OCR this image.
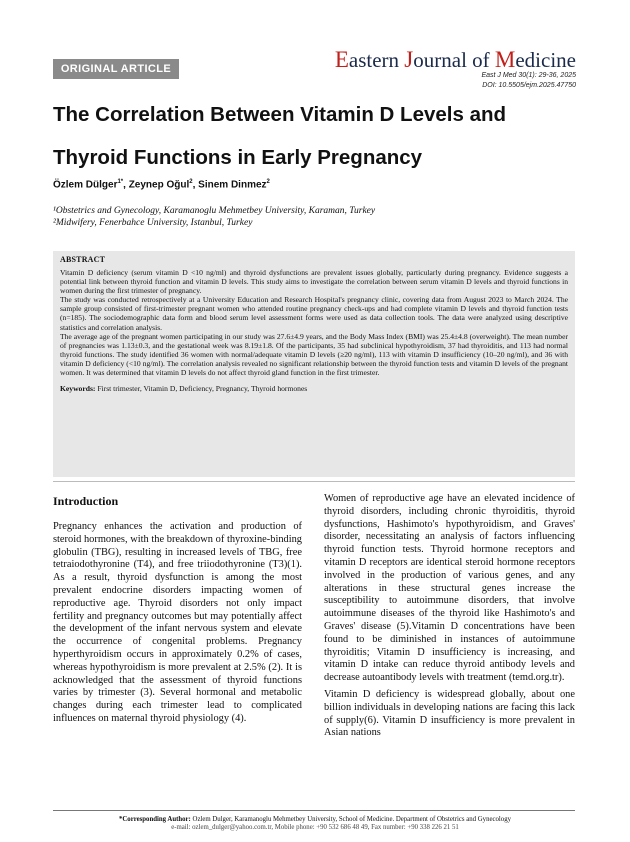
ORIGINAL ARTICLE	Eastern Journal of Medicine
East J Med 30(1): 29-36, 2025
DOI: 10.5505/ejm.2025.47750
The Correlation Between Vitamin D Levels and
Thyroid Functions in Early Pregnancy
Özlem Dülger$^{1*}$, Zeynep Oğul$^2$, Sinem Dinmez$^2$
¹Obstetrics and Gynecology, Karamanoglu Mehmetbey University, Karaman, Turkey
²Midwifery, Fenerbahce University, Istanbul, Turkey
ABSTRACT

Vitamin D deficiency (serum vitamin D <10 ng/ml) and thyroid dysfunctions are prevalent issues globally, particularly during pregnancy. Evidence suggests a potential link between thyroid function and vitamin D levels. This study aims to investigate the correlation between serum vitamin D levels and thyroid functions in women during the first trimester of pregnancy.

The study was conducted retrospectively at a University Education and Research Hospital's pregnancy clinic, covering data from August 2023 to March 2024. The sample group consisted of first-trimester pregnant women who attended routine pregnancy check-ups and had complete vitamin D levels and thyroid function tests (n=185). The sociodemographic data form and blood serum level assessment forms were used as data collection tools. The data were analyzed using descriptive statistics and correlation analysis.

The average age of the pregnant women participating in our study was 27.6±4.9 years, and the Body Mass Index (BMI) was 25.4±4.8 (overweight). The mean number of pregnancies was 1.13±0.3, and the gestational week was 8.19±1.8. Of the participants, 35 had subclinical hypothyroidism, 37 had thyroiditis, and 113 had normal thyroid functions. The study identified 36 women with normal/adequate vitamin D levels (≥20 ng/ml), 113 with vitamin D insufficiency (10–20 ng/ml), and 36 with vitamin D deficiency (<10 ng/ml). The correlation analysis revealed no significant relationship between the thyroid function tests and vitamin D levels of the pregnant women. It was determined that vitamin D levels do not affect thyroid gland function in the first trimester.

Keywords: First trimester, Vitamin D, Deficiency, Pregnancy, Thyroid hormones
Introduction

Pregnancy enhances the activation and production of steroid hormones, with the breakdown of thyroxine-binding globulin (TBG), resulting in increased levels of TBG, free tetraiodothyronine (T4), and free triiodothyronine (T3)(1). As a result, thyroid dysfunction is among the most prevalent endocrine disorders impacting women of reproductive age. Thyroid disorders not only impact fertility and pregnancy outcomes but may potentially affect the development of the infant nervous system and elevate the occurrence of congenital problems. Pregnancy hyperthyroidism occurs in approximately 0.2% of cases, whereas hypothyroidism is more prevalent at 2.5% (2). It is acknowledged that the assessment of thyroid functions varies by trimester (3). Several hormonal and metabolic changes during each trimester lead to complicated influences on maternal thyroid physiology (4).

Women of reproductive age have an elevated incidence of thyroid disorders, including chronic thyroiditis, thyroid dysfunctions, Hashimoto's hypothyroidism, and Graves' disorder, necessitating an analysis of factors influencing thyroid function tests. Thyroid hormone receptors and vitamin D receptors are identical steroid hormone receptors involved in the production of various genes, and any alterations in these structural genes increase the susceptibility to autoimmune disorders, that involve autoimmune diseases of the thyroid like Hashimoto's and Graves' disease (5).Vitamin D concentrations have been found to be diminished in instances of autoimmune thyroiditis; Vitamin D insufficiency is increasing, and vitamin D intake can reduce thyroid antibody levels and decrease autoantibody levels with treatment (temd.org.tr).

Vitamin D deficiency is widespread globally, about one billion individuals in developing nations are facing this lack of supply(6). Vitamin D insufficiency is more prevalent in Asian nations

*Corresponding Author: Ozlem Dulger, Karamanoglu Mehmetbey University, School of Medicine. Department of Obstetrics and Gynecology
e-mail: ozlem_dulger@yahoo.com.tr, Mobile phone: +90 532 686 48 49, Fax number: +90 338 226 21 51
